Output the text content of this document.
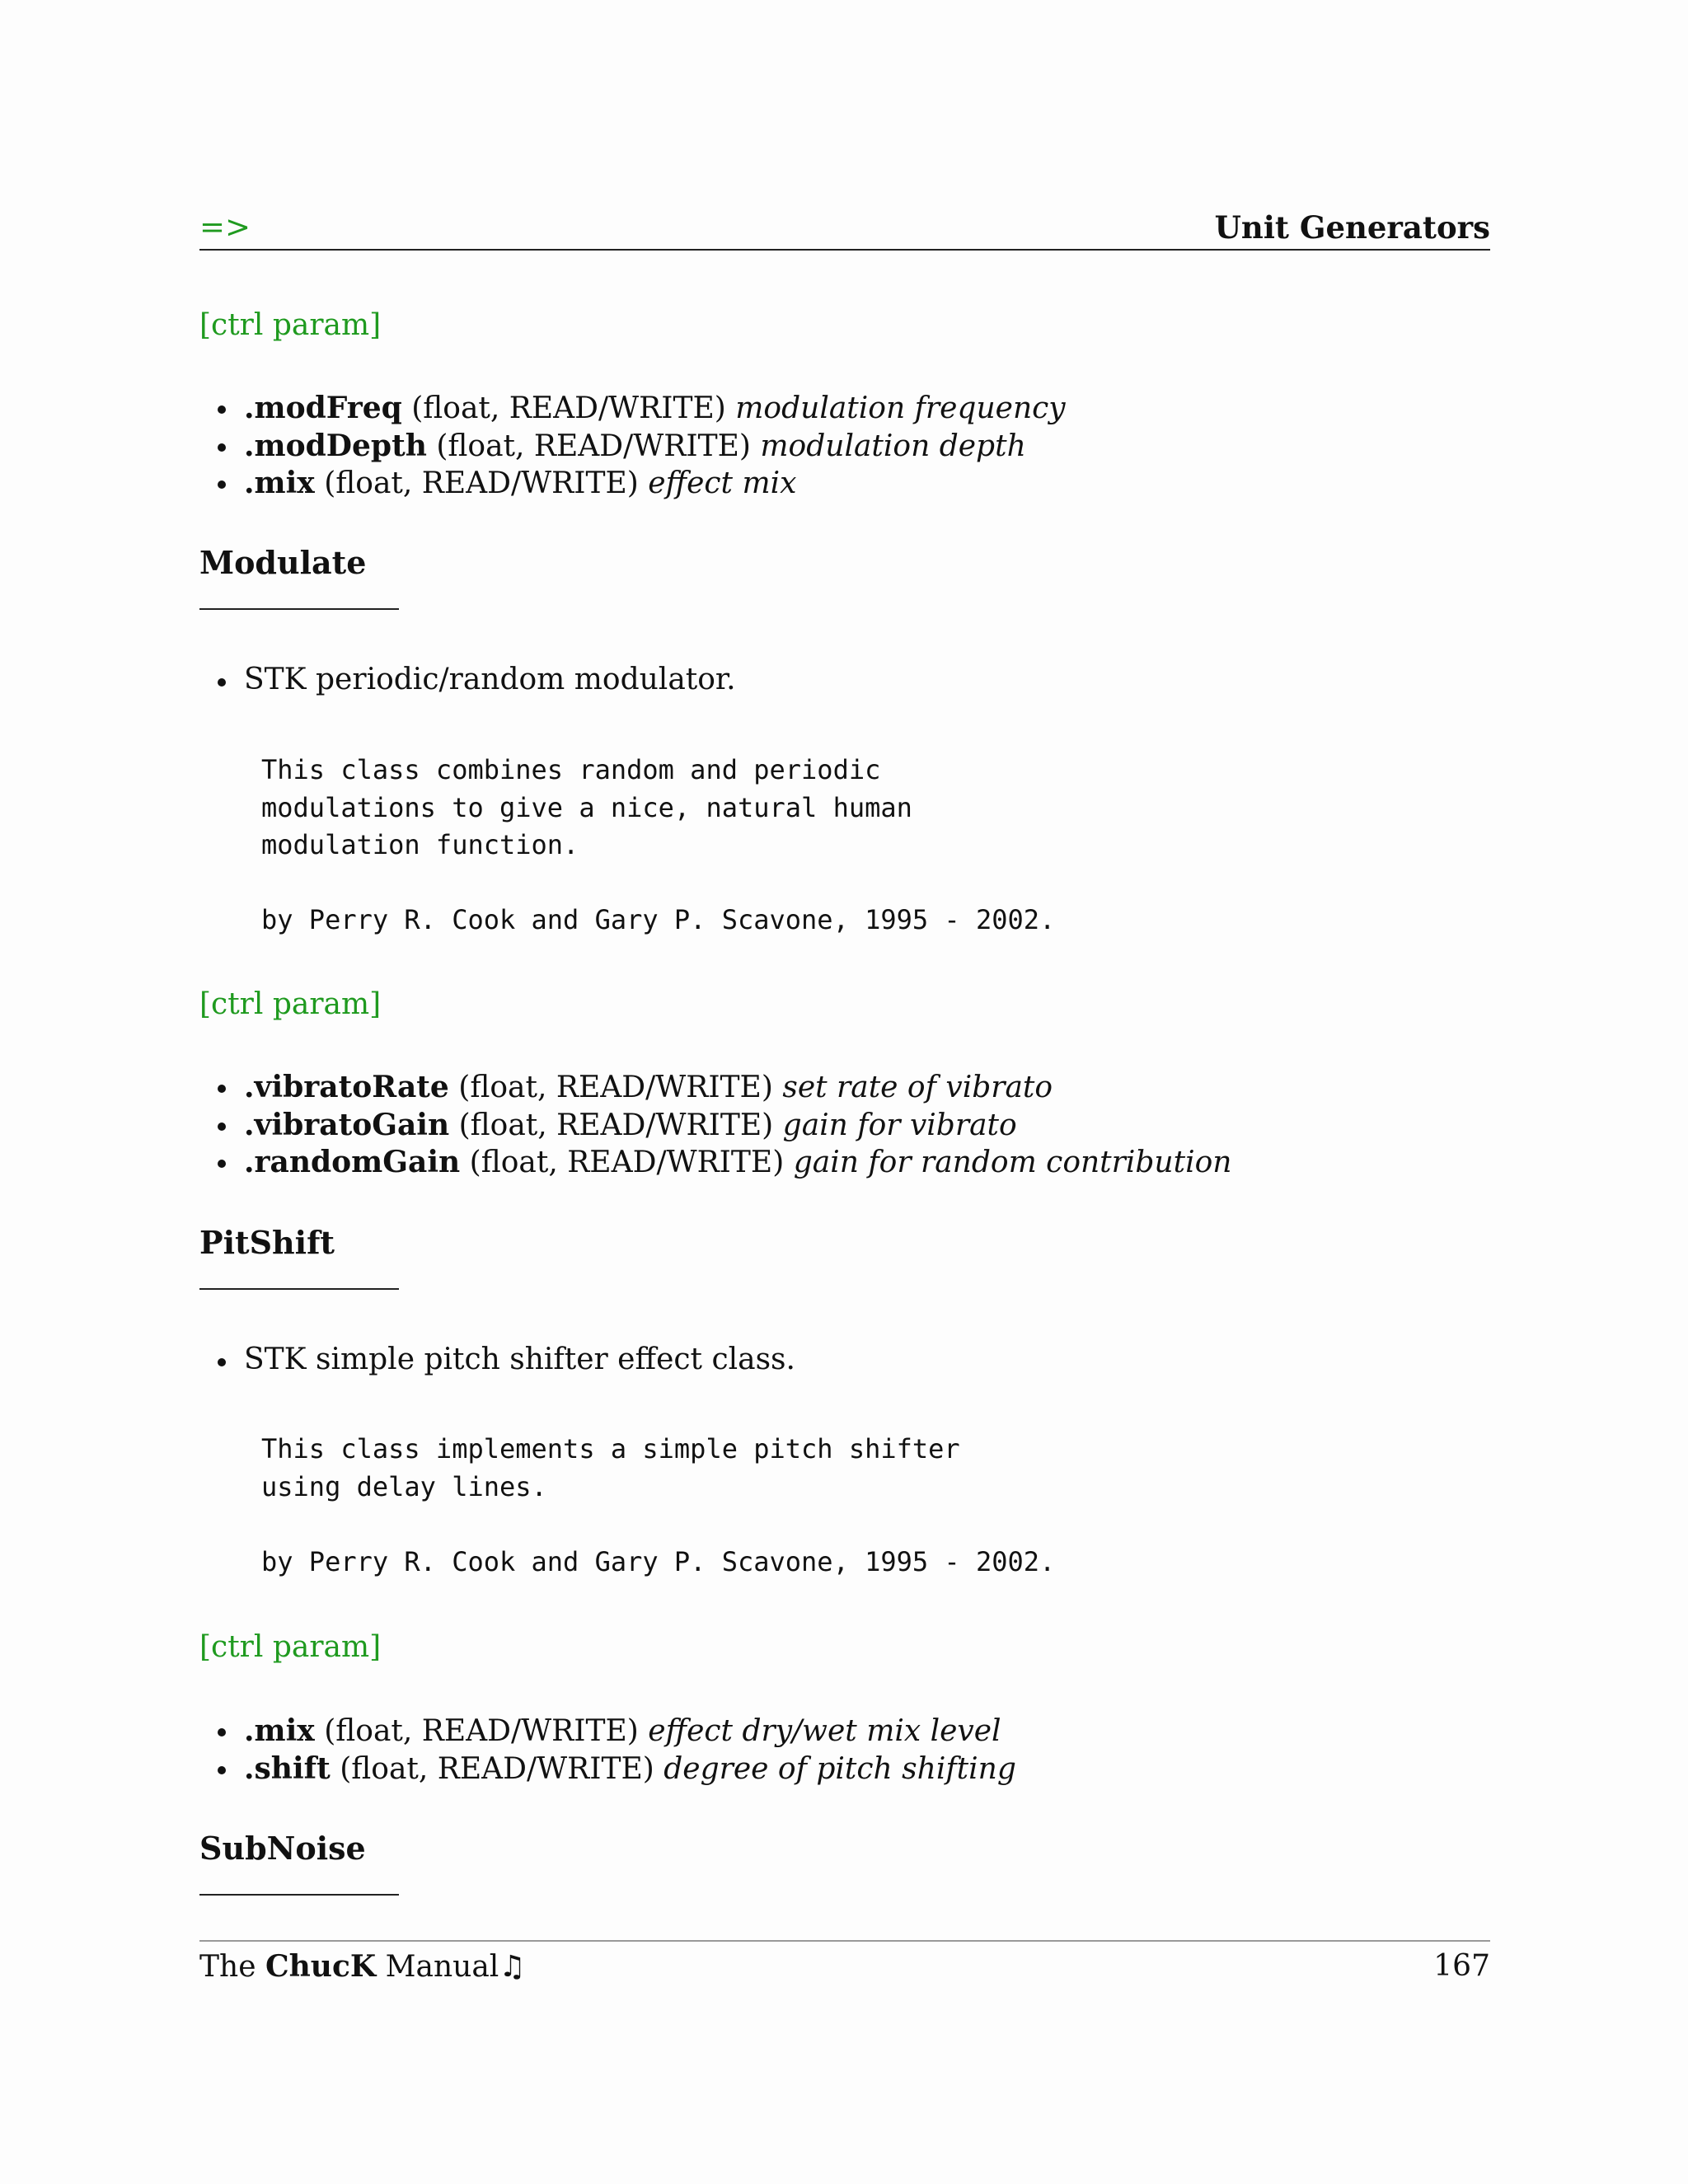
=>	Unit Generators
[ctrl param]
.modFreq (float, READ/WRITE) modulation frequency
.modDepth (float, READ/WRITE) modulation depth
.mix (float, READ/WRITE) effect mix
Modulate
STK periodic/random modulator.
This class combines random and periodic
modulations to give a nice, natural human
modulation function.

by Perry R. Cook and Gary P. Scavone, 1995 - 2002.
[ctrl param]
.vibratoRate (float, READ/WRITE) set rate of vibrato
.vibratoGain (float, READ/WRITE) gain for vibrato
.randomGain (float, READ/WRITE) gain for random contribution
PitShift
STK simple pitch shifter effect class.
This class implements a simple pitch shifter
using delay lines.

by Perry R. Cook and Gary P. Scavone, 1995 - 2002.
[ctrl param]
.mix (float, READ/WRITE) effect dry/wet mix level
.shift (float, READ/WRITE) degree of pitch shifting
SubNoise
The ChucK Manual♫	167
